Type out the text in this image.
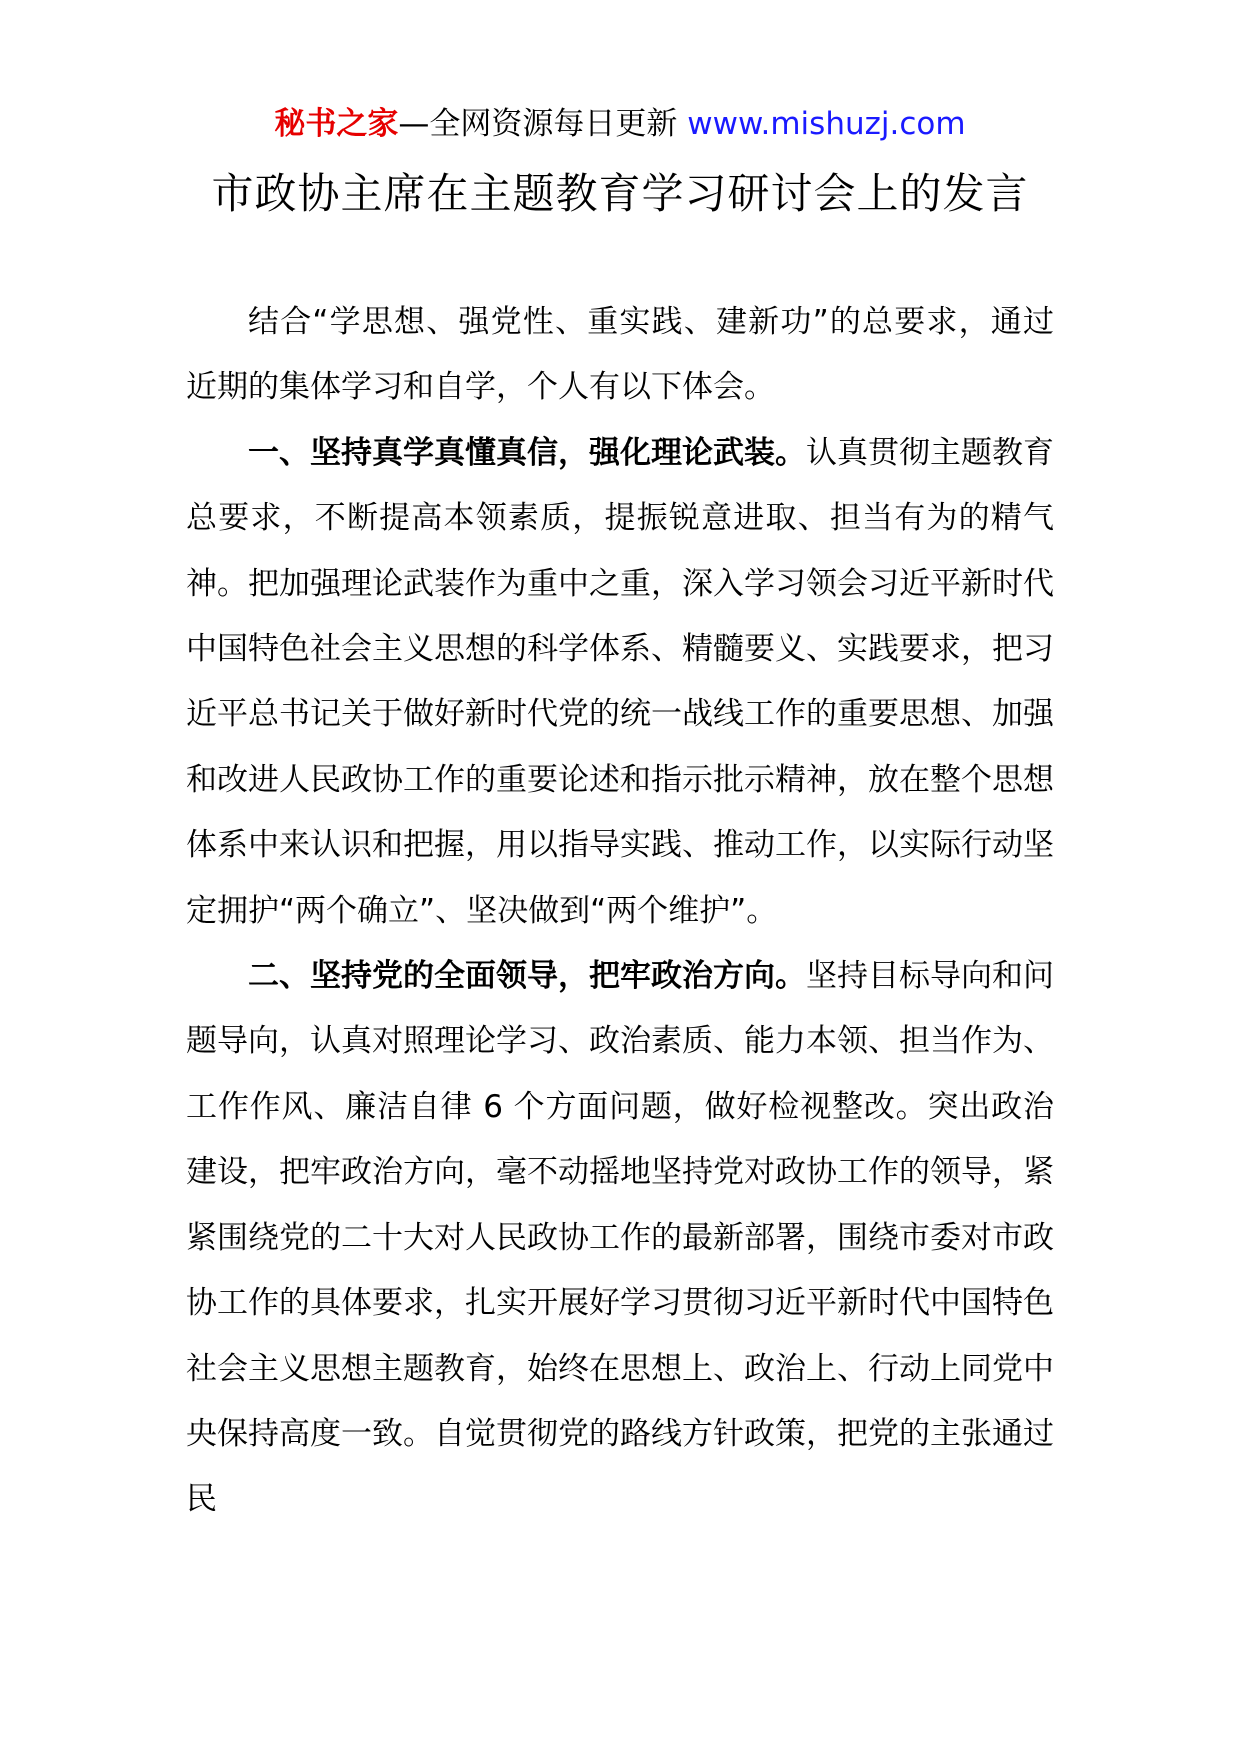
秘书之家—全网资源每日更新 www.mishuzj.com
市政协主席在主题教育学习研讨会上的发言

结合“学思想、强党性、重实践、建新功”的总要求，通过近期的集体学习和自学，个人有以下体会。

一、坚持真学真懂真信，强化理论武装。认真贯彻主题教育总要求，不断提高本领素质，提振锐意进取、担当有为的精气神。把加强理论武装作为重中之重，深入学习领会习近平新时代中国特色社会主义思想的科学体系、精髓要义、实践要求，把习近平总书记关于做好新时代党的统一战线工作的重要思想、加强和改进人民政协工作的重要论述和指示批示精神，放在整个思想体系中来认识和把握，用以指导实践、推动工作，以实际行动坚定拥护“两个确立”、坚决做到“两个维护”。

二、坚持党的全面领导，把牢政治方向。坚持目标导向和问题导向，认真对照理论学习、政治素质、能力本领、担当作为、工作作风、廉洁自律 6 个方面问题，做好检视整改。突出政治建设，把牢政治方向，毫不动摇地坚持党对政协工作的领导，紧紧围绕党的二十大对人民政协工作的最新部署，围绕市委对市政协工作的具体要求，扎实开展好学习贯彻习近平新时代中国特色社会主义思想主题教育，始终在思想上、政治上、行动上同党中央保持高度一致。自觉贯彻党的路线方针政策，把党的主张通过民
